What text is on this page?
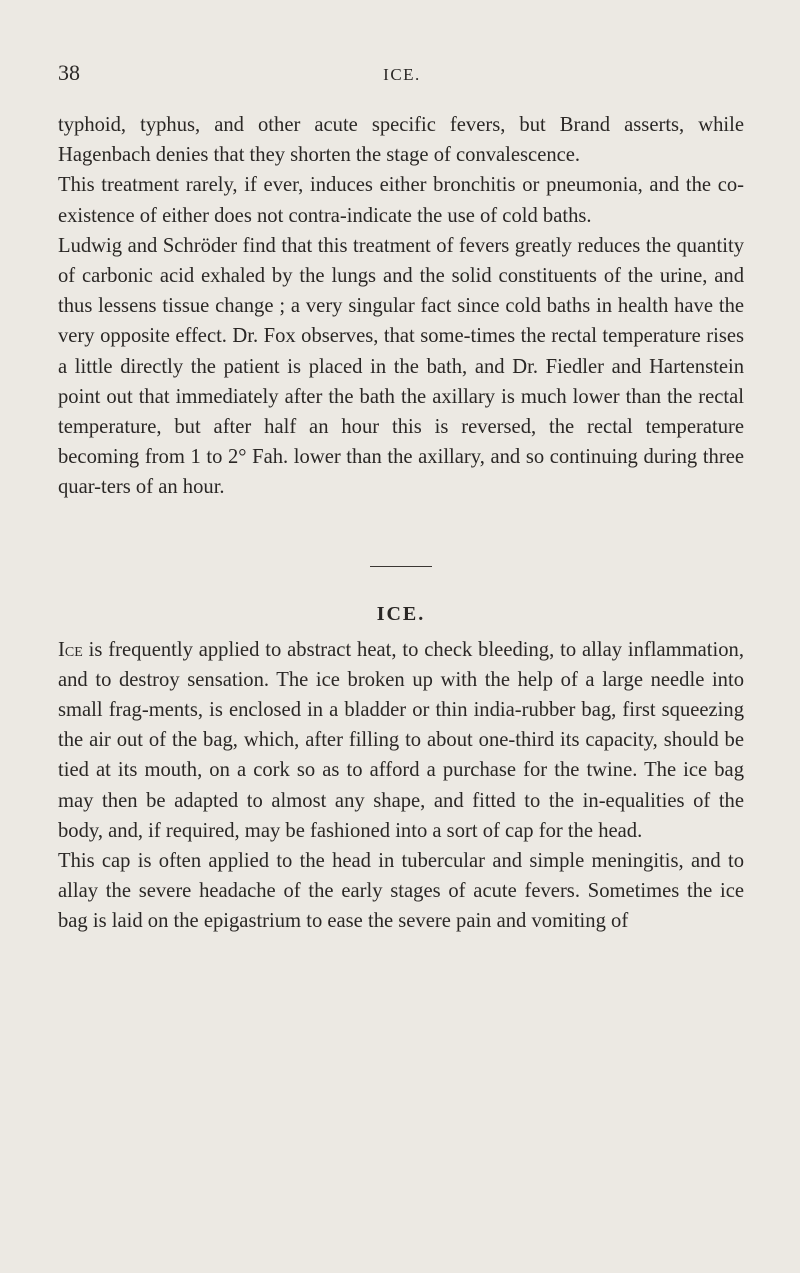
38	ICE.

typhoid, typhus, and other acute specific fevers, but Brand asserts, while Hagenbach denies that they shorten the stage of convalescence.

This treatment rarely, if ever, induces either bronchitis or pneumonia, and the co-existence of either does not contra-indicate the use of cold baths.

Ludwig and Schröder find that this treatment of fevers greatly reduces the quantity of carbonic acid exhaled by the lungs and the solid constituents of the urine, and thus lessens tissue change ; a very singular fact since cold baths in health have the very opposite effect. Dr. Fox observes, that some-times the rectal temperature rises a little directly the patient is placed in the bath, and Dr. Fiedler and Hartenstein point out that immediately after the bath the axillary is much lower than the rectal temperature, but after half an hour this is reversed, the rectal temperature becoming from 1 to 2° Fah. lower than the axillary, and so continuing during three quar-ters of an hour.

ICE.

Ice is frequently applied to abstract heat, to check bleeding, to allay inflammation, and to destroy sensation. The ice broken up with the help of a large needle into small frag-ments, is enclosed in a bladder or thin india-rubber bag, first squeezing the air out of the bag, which, after filling to about one-third its capacity, should be tied at its mouth, on a cork so as to afford a purchase for the twine. The ice bag may then be adapted to almost any shape, and fitted to the in-equalities of the body, and, if required, may be fashioned into a sort of cap for the head.

This cap is often applied to the head in tubercular and simple meningitis, and to allay the severe headache of the early stages of acute fevers. Sometimes the ice bag is laid on the epigastrium to ease the severe pain and vomiting of
